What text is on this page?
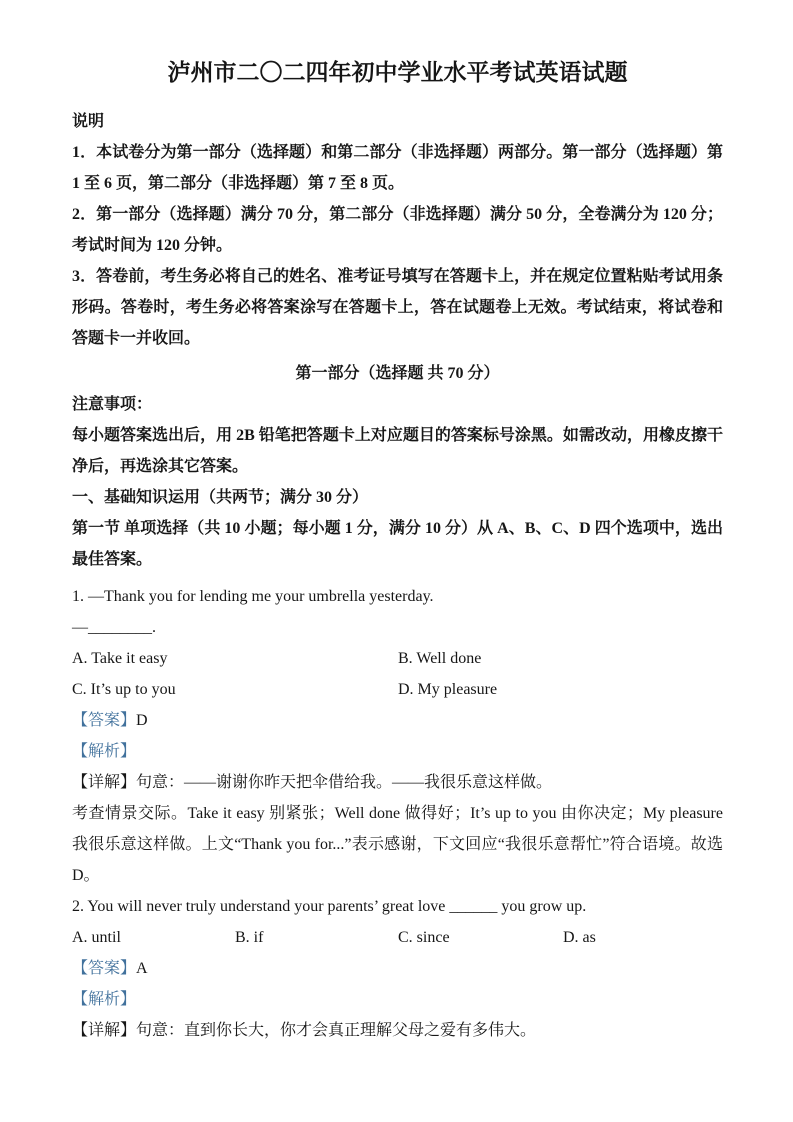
泸州市二〇二四年初中学业水平考试英语试题

说明

1．本试卷分为第一部分（选择题）和第二部分（非选择题）两部分。第一部分（选择题）第 1 至 6 页，第二部分（非选择题）第 7 至 8 页。

2．第一部分（选择题）满分 70 分，第二部分（非选择题）满分 50 分，全卷满分为 120 分；考试时间为 120 分钟。

3．答卷前，考生务必将自己的姓名、准考证号填写在答题卡上，并在规定位置粘贴考试用条形码。答卷时，考生务必将答案涂写在答题卡上，答在试题卷上无效。考试结束，将试卷和答题卡一并收回。

第一部分（选择题 共 70 分）

注意事项：

每小题答案选出后，用 2B 铅笔把答题卡上对应题目的答案标号涂黑。如需改动，用橡皮擦干净后，再选涂其它答案。

一、基础知识运用（共两节；满分 30 分）

第一节 单项选择（共 10 小题；每小题 1 分，满分 10 分）从 A、B、C、D 四个选项中，选出最佳答案。

1. —Thank you for lending me your umbrella yesterday.

—________.

A. Take it easy	B. Well done
C. It’s up to you	D. My pleasure

【答案】D

【解析】

【详解】句意：——谢谢你昨天把伞借给我。——我很乐意这样做。

考查情景交际。Take it easy 别紧张；Well done 做得好；It’s up to you 由你决定；My pleasure 我很乐意这样做。上文“Thank you for...”表示感谢，下文回应“我很乐意帮忙”符合语境。故选 D。

2. You will never truly understand your parents’ great love ______ you grow up.

A. until	B. if	C. since	D. as

【答案】A

【解析】

【详解】句意：直到你长大，你才会真正理解父母之爱有多伟大。
